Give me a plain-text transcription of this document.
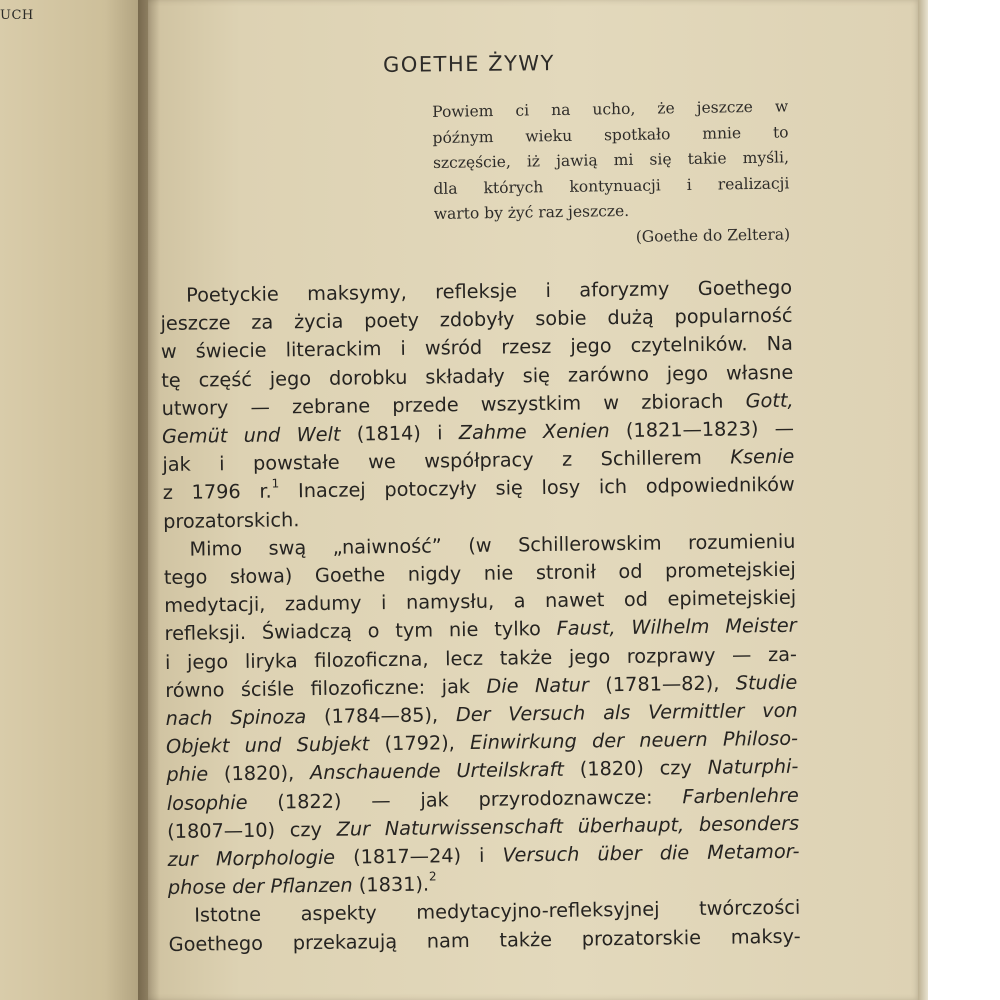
UCH
GOETHE ŻYWY
Powiem ci na ucho, że jeszcze w
późnym wieku spotkało mnie to
szczęście, iż jawią mi się takie myśli,
dla których kontynuacji i realizacji
warto by żyć raz jeszcze.
(Goethe do Zeltera)
Poetyckie maksymy, refleksje i aforyzmy Goethego
jeszcze za życia poety zdobyły sobie dużą popularność
w świecie literackim i wśród rzesz jego czytelników. Na
tę część jego dorobku składały się zarówno jego własne
utwory — zebrane przede wszystkim w zbiorach Gott,
Gemüt und Welt (1814) i Zahme Xenien (1821—1823) —
jak i powstałe we współpracy z Schillerem Ksenie
z 1796 r.$^1$ Inaczej potoczyły się losy ich odpowiedników
prozatorskich.
Mimo swą „naiwność” (w Schillerowskim rozumieniu
tego słowa) Goethe nigdy nie stronił od prometejskiej
medytacji, zadumy i namysłu, a nawet od epimetejskiej
refleksji. Świadczą o tym nie tylko Faust, Wilhelm Meister
i jego liryka filozoficzna, lecz także jego rozprawy — za-
równo ściśle filozoficzne: jak Die Natur (1781—82), Studie
nach Spinoza (1784—85), Der Versuch als Vermittler von
Objekt und Subjekt (1792), Einwirkung der neuern Philoso-
phie (1820), Anschauende Urteilskraft (1820) czy Naturphi-
losophie (1822) — jak przyrodoznawcze: Farbenlehre
(1807—10) czy Zur Naturwissenschaft überhaupt, besonders
zur Morphologie (1817—24) i Versuch über die Metamor-
phose der Pflanzen (1831).$^2$
Istotne aspekty medytacyjno-refleksyjnej twórczości
Goethego przekazują nam także prozatorskie maksy-
